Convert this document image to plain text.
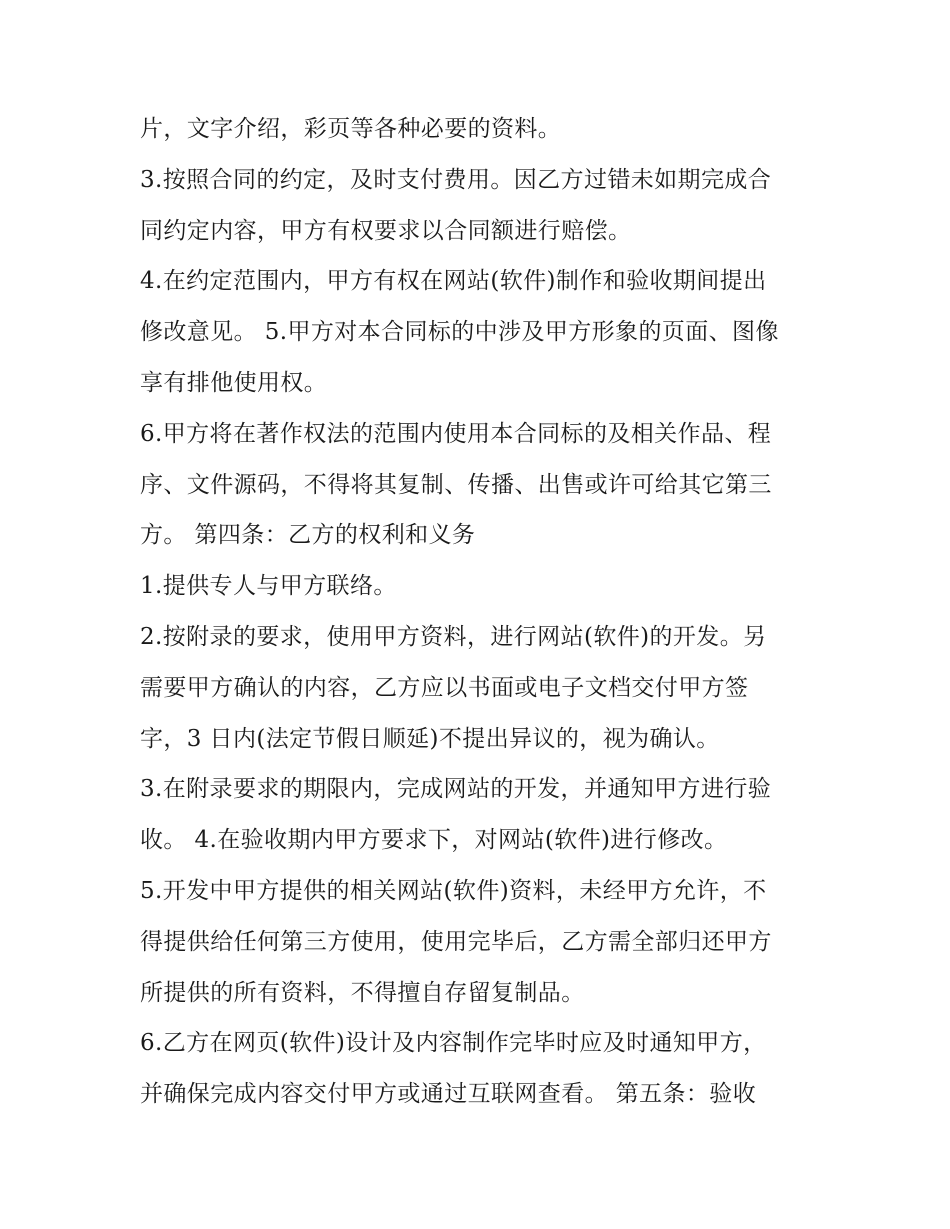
片，文字介绍，彩页等各种必要的资料。
3.按照合同的约定，及时支付费用。因乙方过错未如期完成合
同约定内容，甲方有权要求以合同额进行赔偿。
4.在约定范围内，甲方有权在网站(软件)制作和验收期间提出
修改意见。 5.甲方对本合同标的中涉及甲方形象的页面、图像
享有排他使用权。
6.甲方将在著作权法的范围内使用本合同标的及相关作品、程
序、文件源码，不得将其复制、传播、出售或许可给其它第三
方。 第四条：乙方的权利和义务
1.提供专人与甲方联络。
2.按附录的要求，使用甲方资料，进行网站(软件)的开发。另
需要甲方确认的内容，乙方应以书面或电子文档交付甲方签
字，3 日内(法定节假日顺延)不提出异议的，视为确认。
3.在附录要求的期限内，完成网站的开发，并通知甲方进行验
收。 4.在验收期内甲方要求下，对网站(软件)进行修改。
5.开发中甲方提供的相关网站(软件)资料，未经甲方允许，不
得提供给任何第三方使用，使用完毕后，乙方需全部归还甲方
所提供的所有资料，不得擅自存留复制品。
6.乙方在网页(软件)设计及内容制作完毕时应及时通知甲方，
并确保完成内容交付甲方或通过互联网查看。 第五条：验收
